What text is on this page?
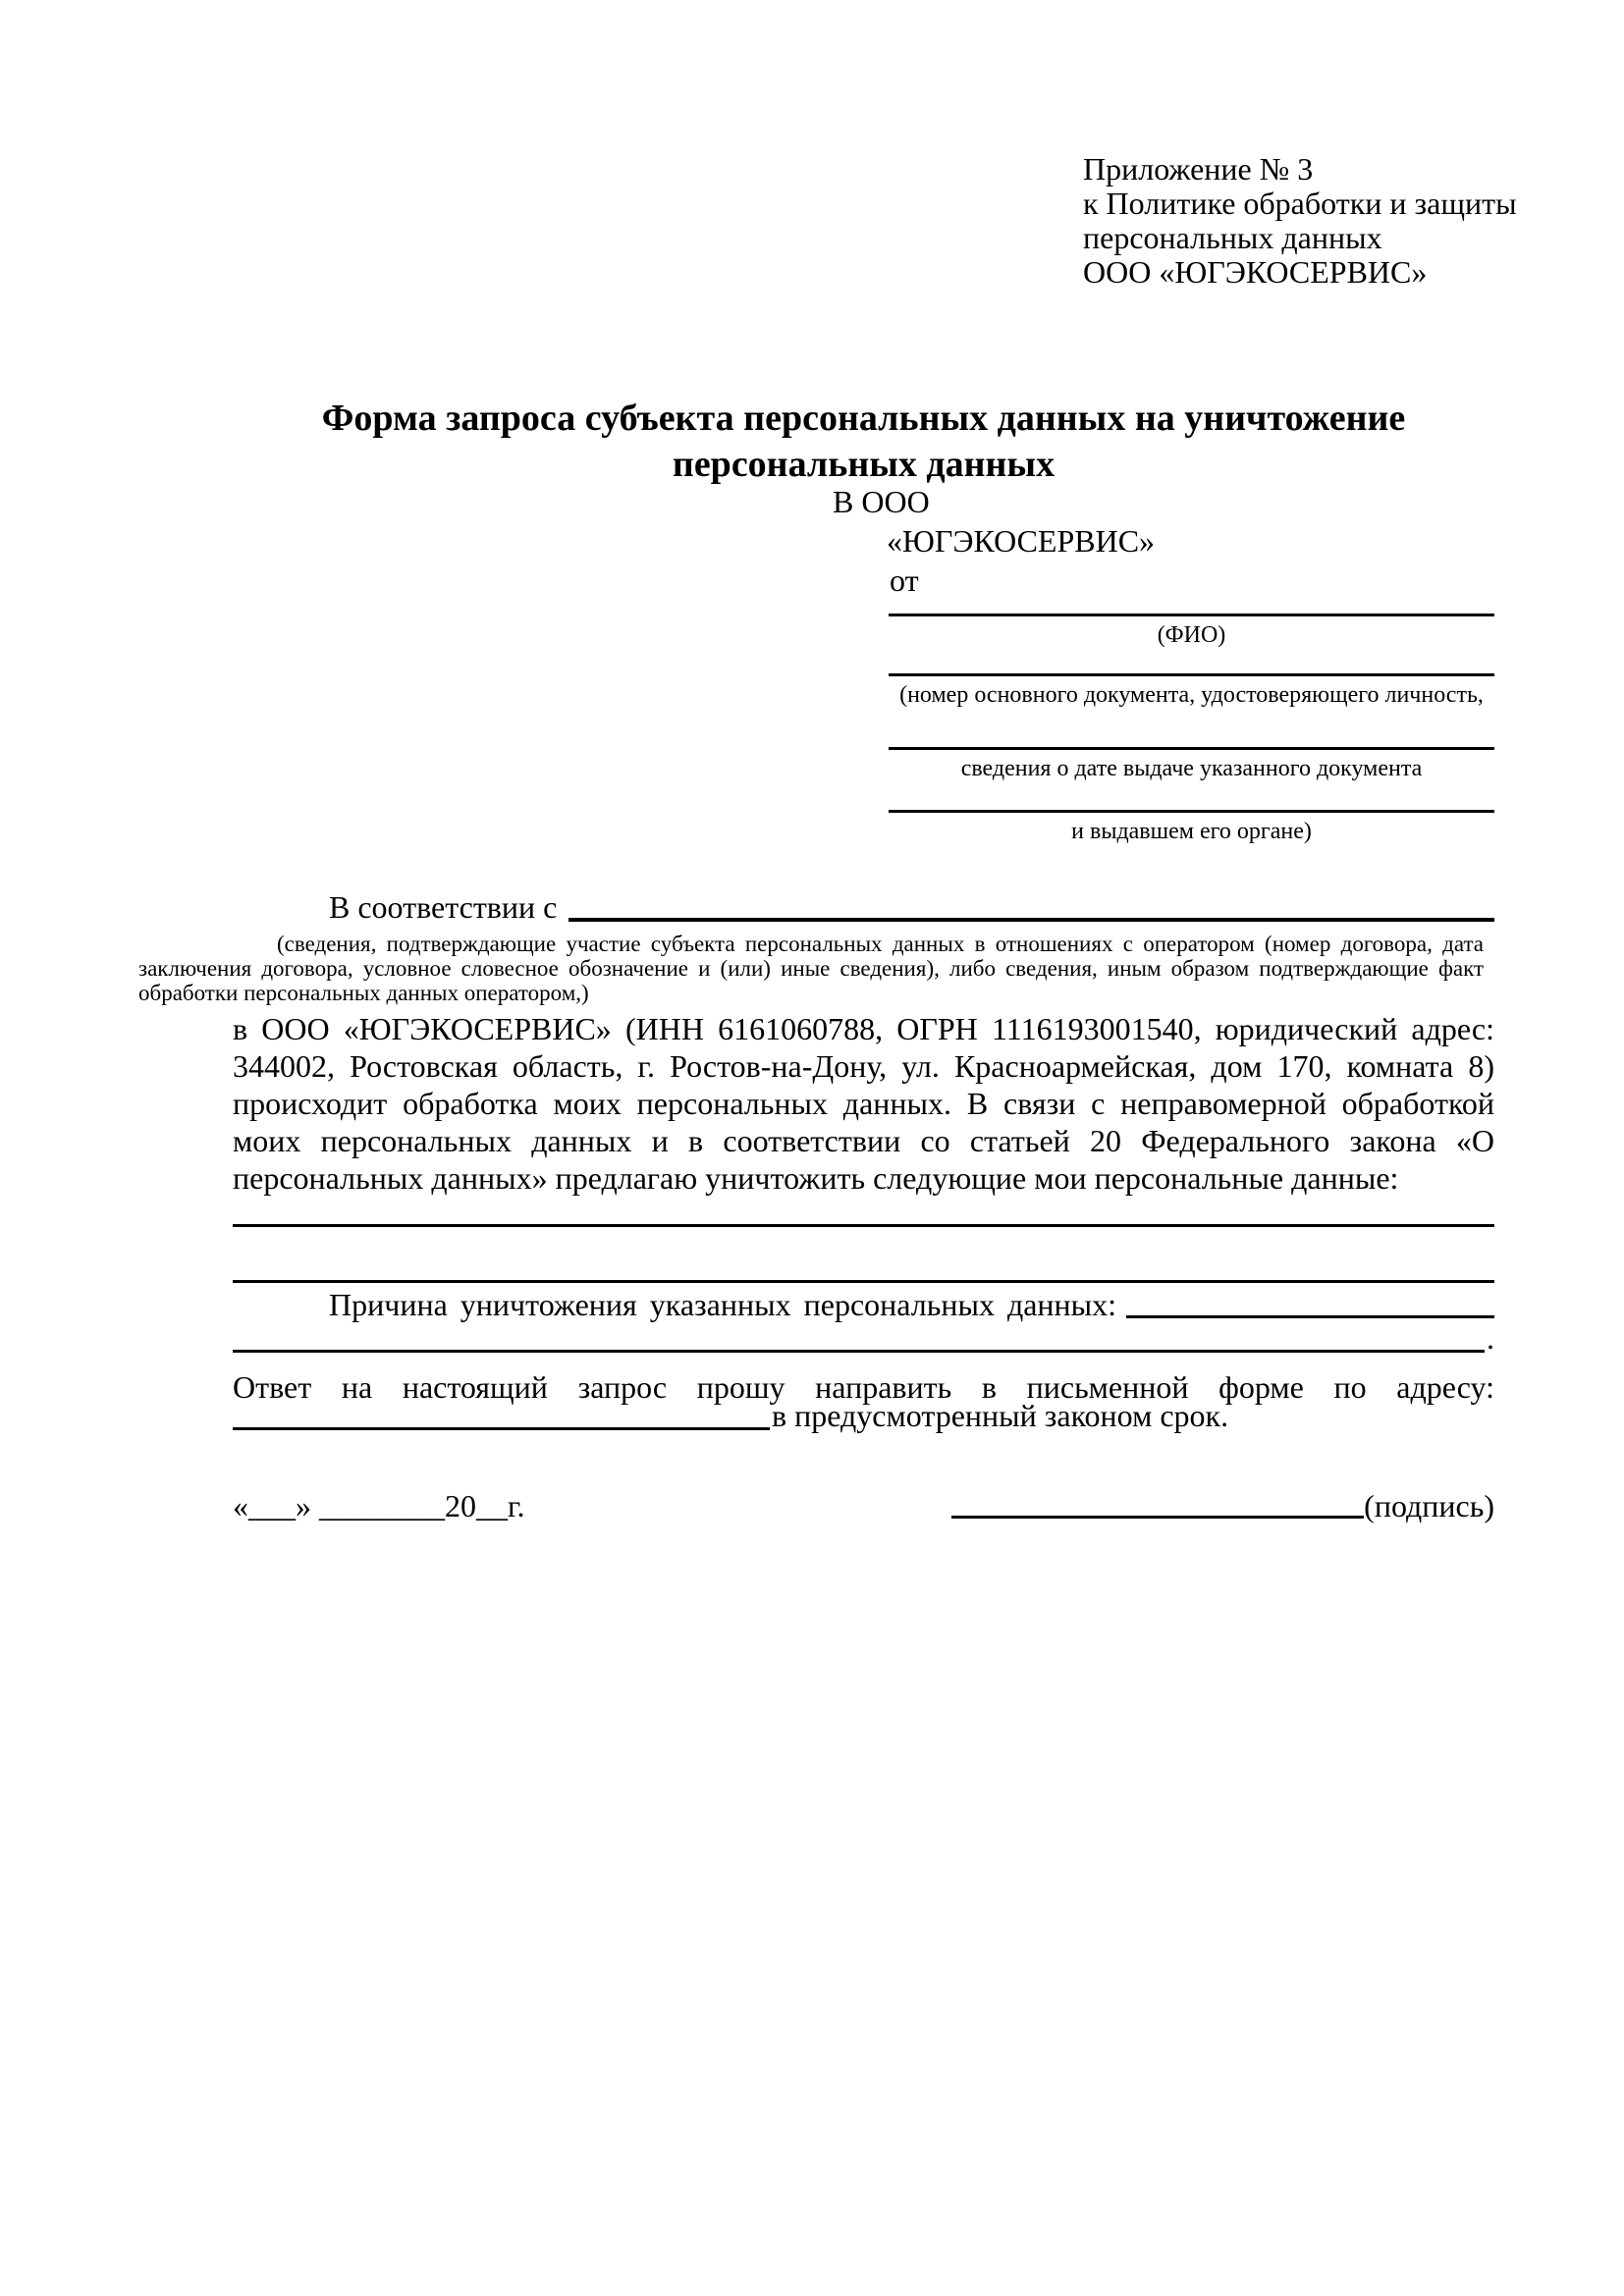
Приложение № 3
к Политике обработки и защиты
персональных данных
ООО «ЮГЭКОСЕРВИС»
Форма запроса субъекта персональных данных на уничтожение
персональных данных
В ООО
«ЮГЭКОСЕРВИС»
от
(ФИО)
(номер основного документа, удостоверяющего личность,
сведения о дате выдаче указанного документа
и выдавшем его органе)
В соответствии с
(сведения, подтверждающие участие субъекта персональных данных в отношениях с оператором (номер договора, дата
заключения договора, условное словесное обозначение и (или) иные сведения), либо сведения, иным образом подтверждающие факт
обработки персональных данных оператором,)
в ООО «ЮГЭКОСЕРВИС» (ИНН 6161060788, ОГРН 1116193001540, юридический адрес:
344002, Ростовская область, г. Ростов-на-Дону, ул. Красноармейская, дом 170, комната 8)
происходит обработка моих персональных данных. В связи с неправомерной обработкой
моих персональных данных и в соответствии со статьей 20 Федерального закона «О
персональных данных» предлагаю уничтожить следующие мои персональные данные:
Причина уничтожения указанных персональных данных:
.
Ответ на настоящий запрос прошу направить в письменной форме по адресу:
в предусмотренный законом срок.
«___» ________20__г.	(подпись)
